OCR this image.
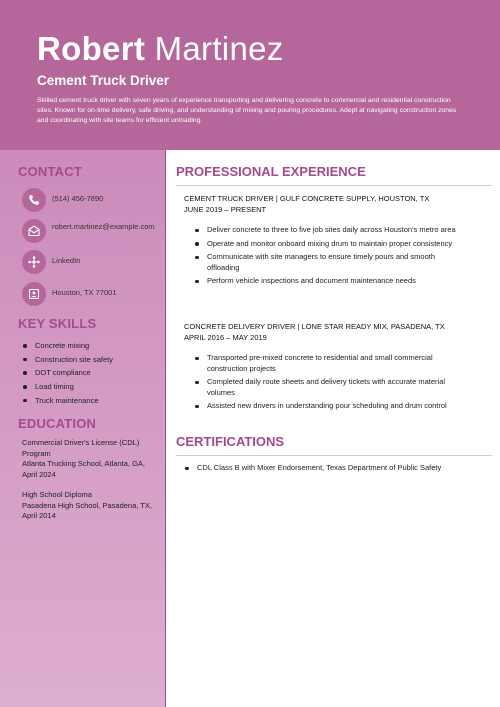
Robert Martinez
Cement Truck Driver
Skilled cement truck driver with seven years of experience transporting and delivering concrete to commercial and residential construction sites. Known for on-time delivery, safe driving, and understanding of mixing and pouring procedures. Adept at navigating construction zones and coordinating with site teams for efficient unloading.
CONTACT
(514) 456-7890
robert.martinez@example.com
LinkedIn
Houston, TX 77001
KEY SKILLS
Concrete mixing
Construction site safety
DOT compliance
Load timing
Truck maintenance
EDUCATION
Commercial Driver's License (CDL) Program
Atlanta Trucking School, Atlanta, GA, April 2024
High School Diploma
Pasadena High School, Pasadena, TX, April 2014
PROFESSIONAL EXPERIENCE
CEMENT TRUCK DRIVER | GULF CONCRETE SUPPLY, HOUSTON, TX
JUNE 2019 – PRESENT
Deliver concrete to three to five job sites daily across Houston's metro area
Operate and monitor onboard mixing drum to maintain proper consistency
Communicate with site managers to ensure timely pours and smooth offloading
Perform vehicle inspections and document maintenance needs
CONCRETE DELIVERY DRIVER | LONE STAR READY MIX, PASADENA, TX
APRIL 2016 – MAY 2019
Transported pre-mixed concrete to residential and small commercial construction projects
Completed daily route sheets and delivery tickets with accurate material volumes
Assisted new drivers in understanding pour scheduling and drum control
CERTIFICATIONS
CDL Class B with Mixer Endorsement, Texas Department of Public Safety
